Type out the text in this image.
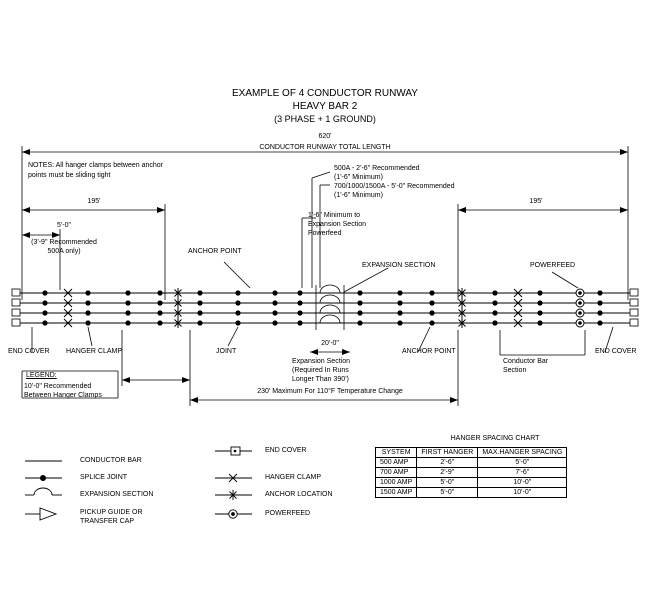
EXAMPLE OF 4 CONDUCTOR RUNWAY
HEAVY BAR 2
(3 PHASE + 1 GROUND)
620'
CONDUCTOR RUNWAY TOTAL LENGTH
NOTES: All hanger clamps between anchor
points must be sliding tight
195'	195'
5'-0"
(3'-9" Recommended
500A only)
500A - 2'-6" Recommended
(1'-6" Minimum)
700/1000/1500A - 5'-0" Recommended
(1'-6" Minimum)
1'-6" Minimum to
Expansion Section
Powerfeed
EXPANSION SECTION
ANCHOR POINT
POWERFEED
END COVER	END COVER
HANGER CLAMP	JOINT	ANCHOR POINT
20'-0"
Expansion Section
(Required In Runs
Longer Than 390')
Conductor Bar
Section
LEGEND:
10'-0" Recommended
Between Hanger Clamps
230' Maximum For 110°F Temperature Change
CONDUCTOR BAR
SPLICE JOINT
EXPANSION SECTION
PICKUP GUIDE OR
TRANSFER CAP
END COVER
HANGER CLAMP
ANCHOR LOCATION
POWERFEED
HANGER SPACING CHART
SYSTEM	FIRST HANGER	MAX.HANGER SPACING
500 AMP	2'-6"	5'-0"
700 AMP	2'-9"	7'-6"
1000 AMP	5'-0"	10'-0"
1500 AMP	5'-0"	10'-0"
